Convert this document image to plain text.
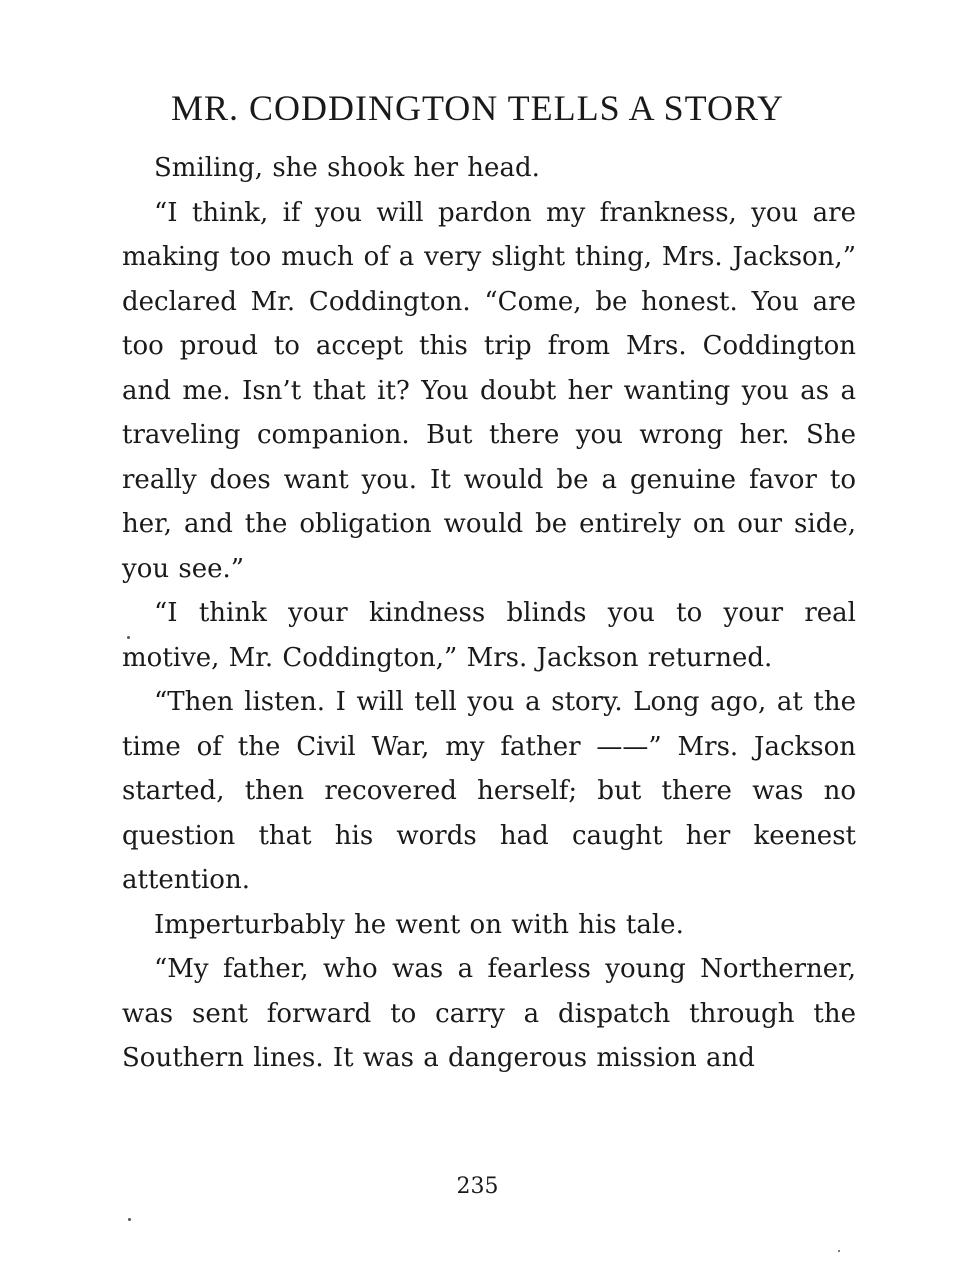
MR. CODDINGTON TELLS A STORY

Smiling, she shook her head.

“I think, if you will pardon my frankness, you are making too much of a very slight thing, Mrs. Jackson,” declared Mr. Coddington. “Come, be honest. You are too proud to accept this trip from Mrs. Coddington and me. Isn’t that it? You doubt her wanting you as a traveling companion. But there you wrong her. She really does want you. It would be a genuine favor to her, and the obligation would be entirely on our side, you see.”

“I think your kindness blinds you to your real motive, Mr. Coddington,” Mrs. Jackson returned.

“Then listen. I will tell you a story. Long ago, at the time of the Civil War, my father ——” Mrs. Jackson started, then recovered herself; but there was no question that his words had caught her keenest attention.

Imperturbably he went on with his tale.

“My father, who was a fearless young Northerner, was sent forward to carry a dispatch through the Southern lines. It was a dangerous mission and

235
